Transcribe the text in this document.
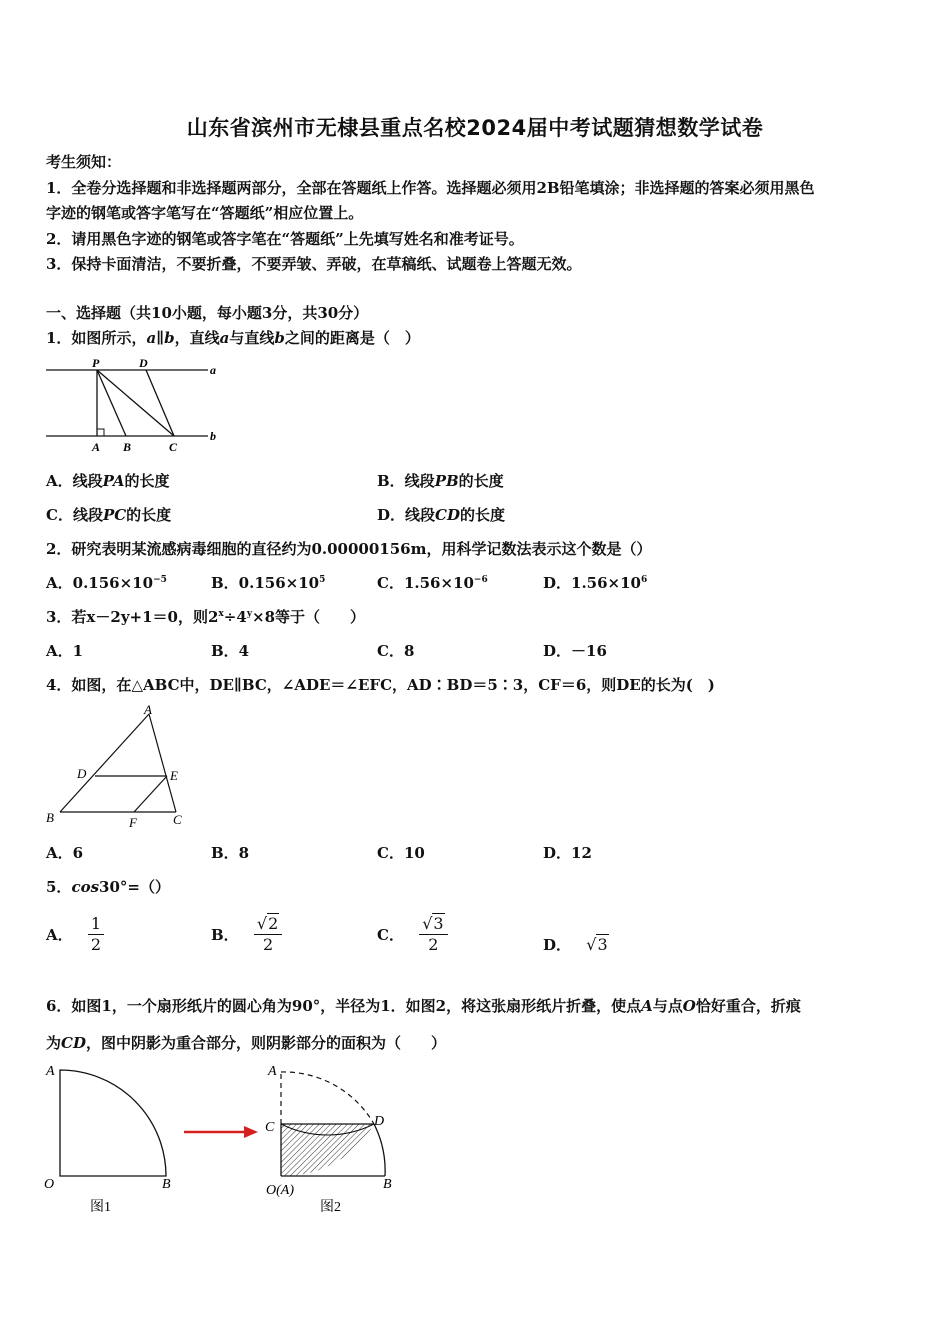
山东省滨州市无棣县重点名校2024届中考试题猜想数学试卷
考生须知：
1．全卷分选择题和非选择题两部分，全部在答题纸上作答。选择题必须用2B铅笔填涂；非选择题的答案必须用黑色
字迹的钢笔或答字笔写在“答题纸”相应位置上。
2．请用黑色字迹的钢笔或答字笔在“答题纸”上先填写姓名和准考证号。
3．保持卡面清洁，不要折叠，不要弄皱、弄破，在草稿纸、试题卷上答题无效。
一、选择题（共10小题，每小题3分，共30分）
1．如图所示，a∥b，直线a与直线b之间的距离是（　）
P	D	a
b
A B	C
A．线段PA的长度	B．线段PB的长度
C．线段PC的长度	D．线段CD的长度
2．研究表明某流感病毒细胞的直径约为0.00000156m，用科学记数法表示这个数是（）
A．$0.156\times 10^{-5}$	B．$0.156\times 10^5$	C．$1.56\times 10^{-6}$	D．$1.56\times 10^6$
3．若x－2y+1＝0，则$2^x\div 4^y\times 8$等于（　　）
A．1	B．4	C．8	D．－16
4．如图，在△ABC中，DE∥BC，∠ADE＝∠EFC，AD∶BD＝5∶3，CF＝6，则DE的长为(　)
A
B	C
D	E
F
A．6	B．8	C．10	D．12
5．cos30°=（）
A． $\frac{1}{2}$	B． $\frac{√2}{2}$	C． $\frac{√3}{2}$	D． √3
6．如图1，一个扇形纸片的圆心角为90°，半径为1．如图2，将这张扇形纸片折叠，使点A与点O恰好重合，折痕
为CD，图中阴影为重合部分，则阴影部分的面积为（　　）
A
O	B
图1
A
C	D
O(A)	B
图2
